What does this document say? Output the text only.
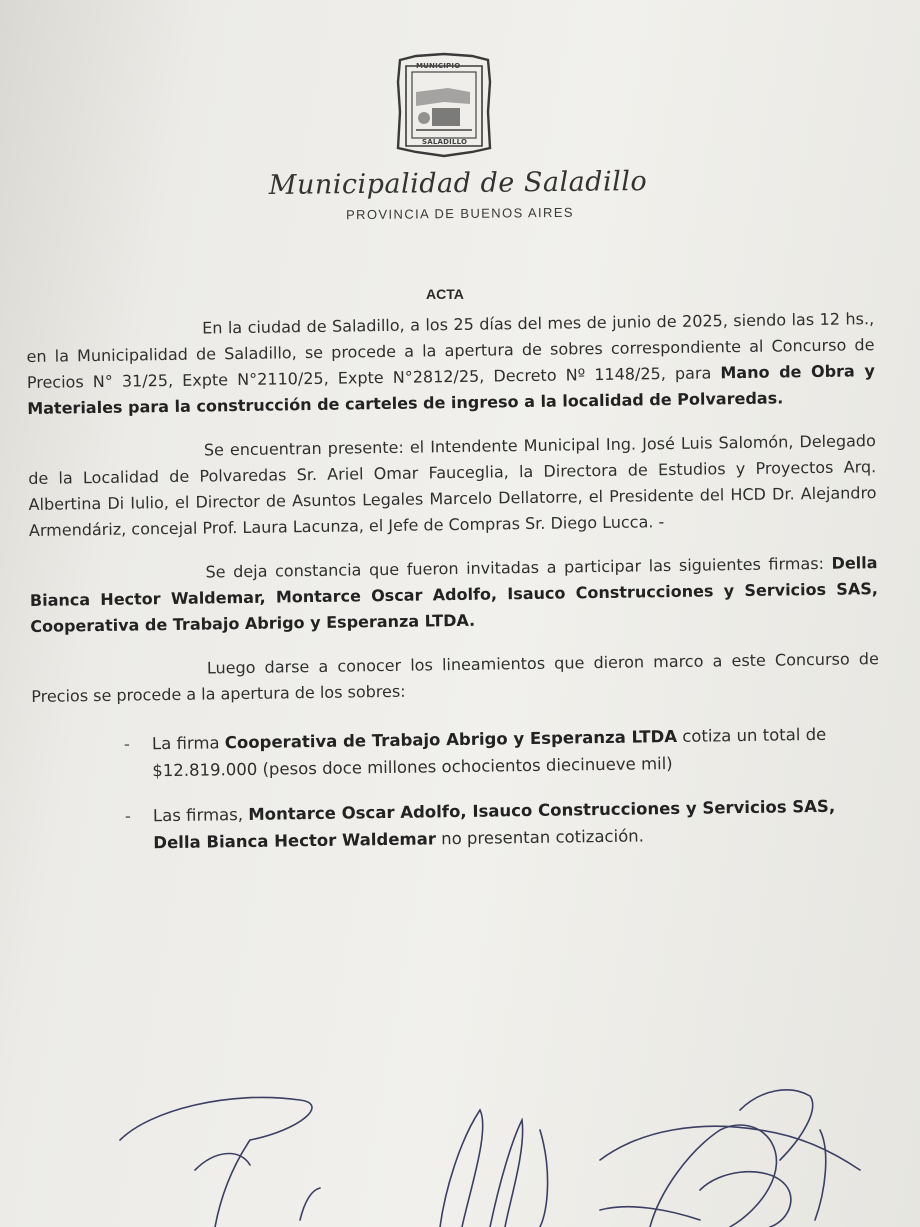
MUNICIPIO
SALADILLO
Municipalidad de Saladillo
PROVINCIA DE BUENOS AIRES
ACTA

En la ciudad de Saladillo, a los 25 días del mes de junio de 2025, siendo las 12 hs., en la Municipalidad de Saladillo, se procede a la apertura de sobres correspondiente al Concurso de Precios N° 31/25, Expte N°2110/25, Expte N°2812/25, Decreto Nº 1148/25, para Mano de Obra y Materiales para la construcción de carteles de ingreso a la localidad de Polvaredas.

Se encuentran presente: el Intendente Municipal Ing. José Luis Salomón, Delegado de la Localidad de Polvaredas Sr. Ariel Omar Fauceglia, la Directora de Estudios y Proyectos Arq. Albertina Di Iulio, el Director de Asuntos Legales Marcelo Dellatorre, el Presidente del HCD Dr. Alejandro Armendáriz, concejal Prof. Laura Lacunza, el Jefe de Compras Sr. Diego Lucca. -

Se deja constancia que fueron invitadas a participar las siguientes firmas: Della Bianca Hector Waldemar, Montarce Oscar Adolfo, Isauco Construcciones y Servicios SAS, Cooperativa de Trabajo Abrigo y Esperanza LTDA.

Luego darse a conocer los lineamientos que dieron marco a este Concurso de Precios se procede a la apertura de los sobres:

- La firma Cooperativa de Trabajo Abrigo y Esperanza LTDA cotiza un total de $12.819.000 (pesos doce millones ochocientos diecinueve mil)
- Las firmas, Montarce Oscar Adolfo, Isauco Construcciones y Servicios SAS, Della Bianca Hector Waldemar no presentan cotización.
